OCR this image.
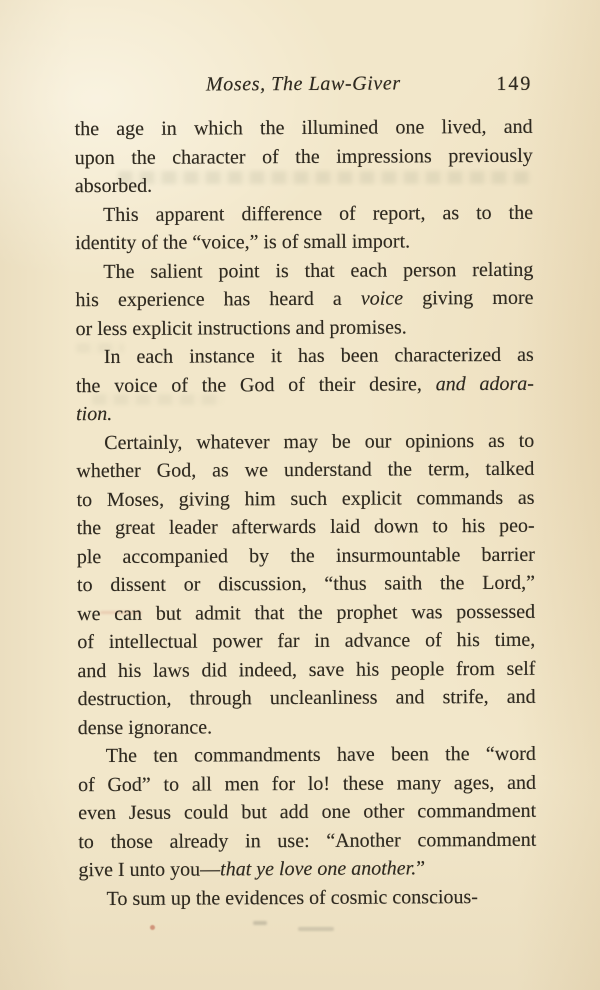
Moses, The Law-Giver	149
the age in which the illumined one lived, and
upon the character of the impressions previously
absorbed.
This apparent difference of report, as to the
identity of the “voice,” is of small import.
The salient point is that each person relating
his experience has heard a voice giving more
or less explicit instructions and promises.
In each instance it has been characterized as
the voice of the God of their desire, and adora-
tion.
Certainly, whatever may be our opinions as to
whether God, as we understand the term, talked
to Moses, giving him such explicit commands as
the great leader afterwards laid down to his peo-
ple accompanied by the insurmountable barrier
to dissent or discussion, “thus saith the Lord,”
we can but admit that the prophet was possessed
of intellectual power far in advance of his time,
and his laws did indeed, save his people from self
destruction, through uncleanliness and strife, and
dense ignorance.
The ten commandments have been the “word
of God” to all men for lo! these many ages, and
even Jesus could but add one other commandment
to those already in use: “Another commandment
give I unto you—that ye love one another.”
To sum up the evidences of cosmic conscious-
